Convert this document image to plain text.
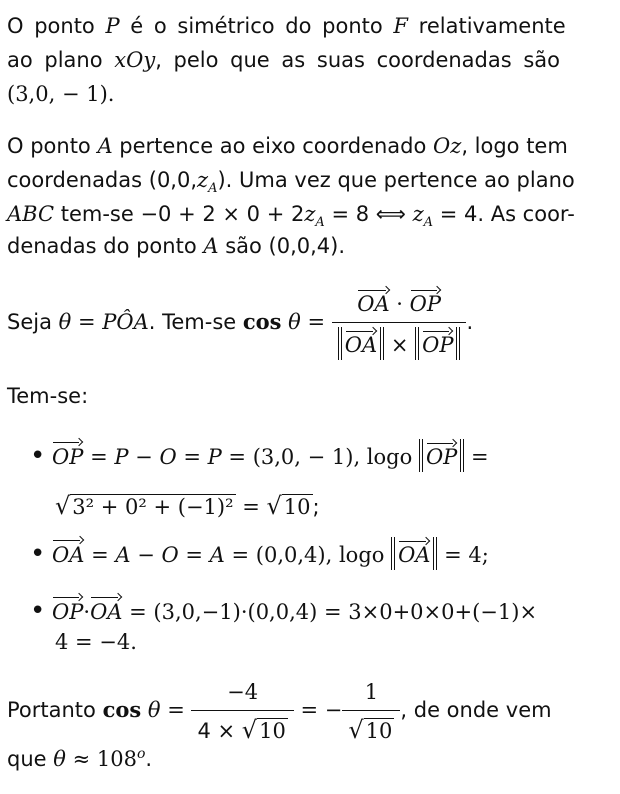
O ponto P é o simétrico do ponto F relativamente
ao plano xOy, pelo que as suas coordenadas são
(3,0, − 1).
O ponto A pertence ao eixo coordenado Oz, logo tem
coordenadas $(0,0,z_A)$. Uma vez que pertence ao plano
ABC $tem-se -0 + 2 \times 0 + 2z_A = 8$ ⟺ $z_A = 4$. As coor-
denadas do ponto A são (0,0,4).
Seja θ = PÔA. Tem-se $\cos \theta = \frac{OA \cdot OP}{OA \times OP}$ .
Tem-se:
• OP = P − O = P = (3,0, − 1), logo OP =
√3² + 0² + (−1)² = √10;
• OA = A − O = A = (0,0,4), logo OA = 4;
• OP·OA = (3,0,−1)·(0,0,4) = 3×0+0×0+(−1)×
4 = −4.
Portanto $\cos \theta = \frac{-4}{4 \times √10}$ = − $\frac{1}{√10}$ , de onde vem
que $\theta \approx 108^o$.
